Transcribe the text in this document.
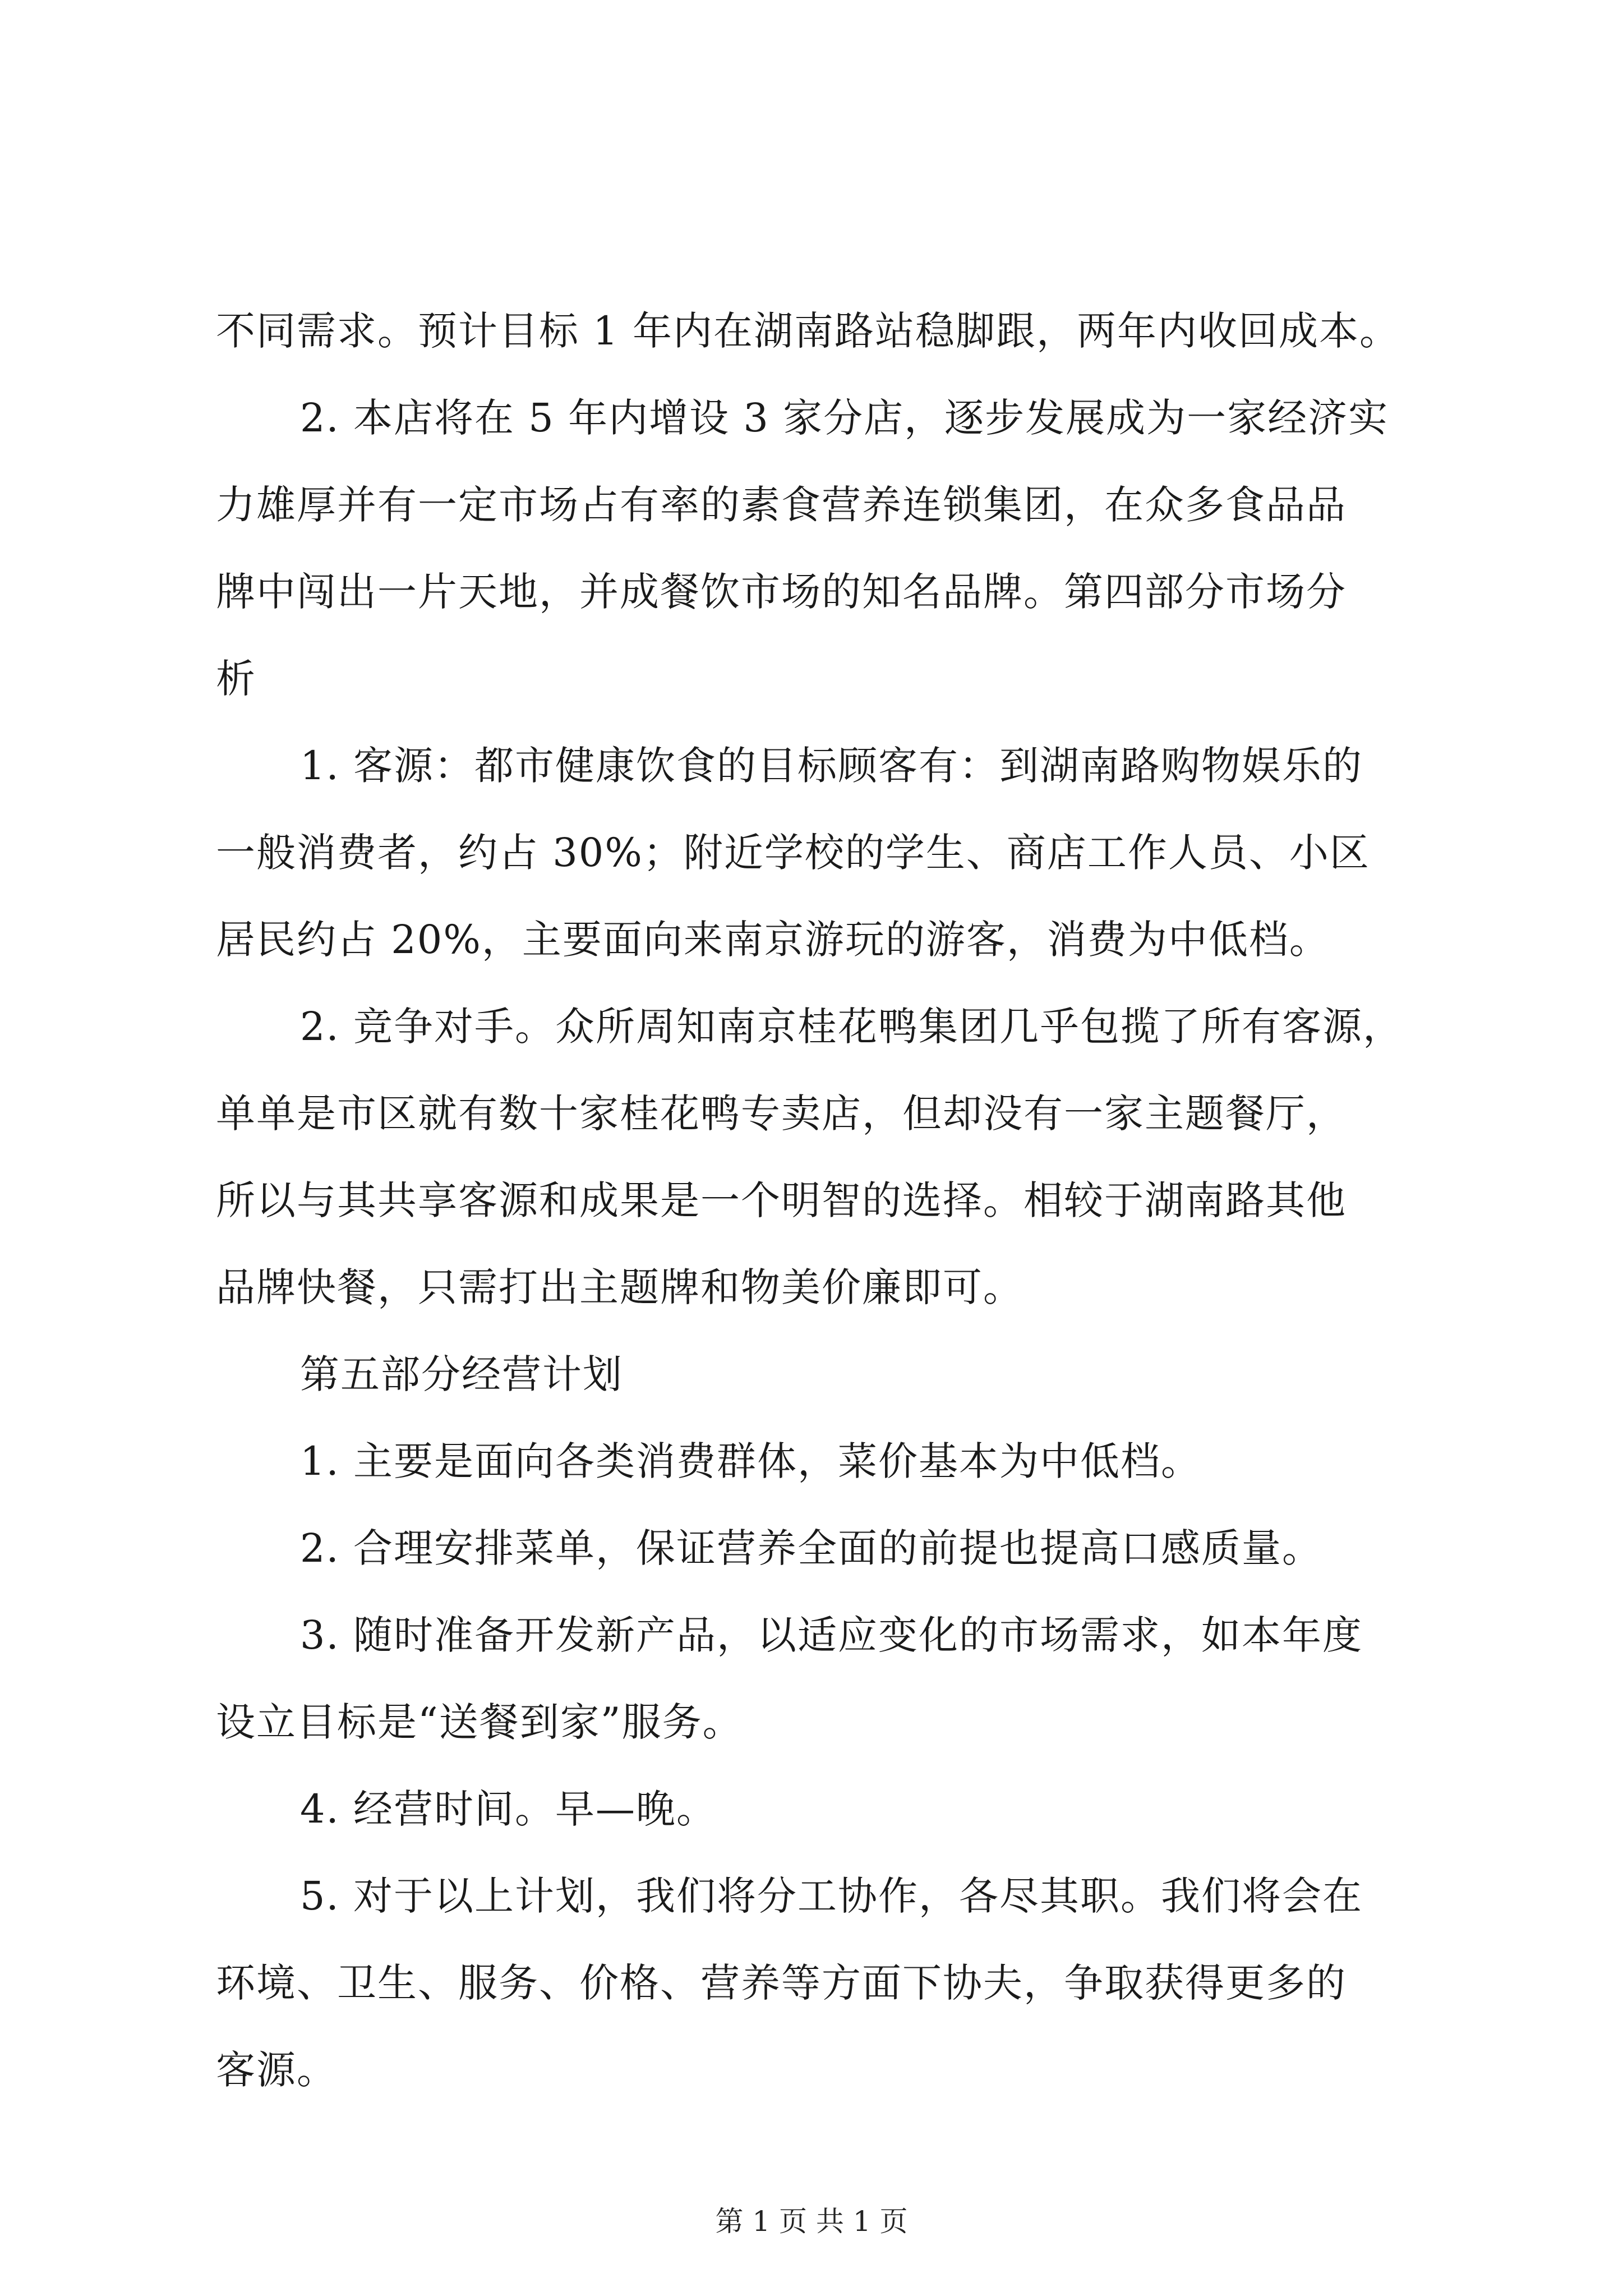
不同需求。预计目标 1 年内在湖南路站稳脚跟，两年内收回成本。
2. 本店将在 5 年内增设 3 家分店，逐步发展成为一家经济实
力雄厚并有一定市场占有率的素食营养连锁集团，在众多食品品
牌中闯出一片天地，并成餐饮市场的知名品牌。第四部分市场分
析
1. 客源：都市健康饮食的目标顾客有：到湖南路购物娱乐的
一般消费者，约占 30%；附近学校的学生、商店工作人员、小区
居民约占 20%，主要面向来南京游玩的游客，消费为中低档。
2. 竞争对手。众所周知南京桂花鸭集团几乎包揽了所有客源，
单单是市区就有数十家桂花鸭专卖店，但却没有一家主题餐厅，
所以与其共享客源和成果是一个明智的选择。相较于湖南路其他
品牌快餐，只需打出主题牌和物美价廉即可。
第五部分经营计划
1. 主要是面向各类消费群体，菜价基本为中低档。
2. 合理安排菜单，保证营养全面的前提也提高口感质量。
3. 随时准备开发新产品，以适应变化的市场需求，如本年度
设立目标是“送餐到家”服务。
4. 经营时间。早—晚。
5. 对于以上计划，我们将分工协作，各尽其职。我们将会在
环境、卫生、服务、价格、营养等方面下协夫，争取获得更多的
客源。
第 1 页 共 1 页
